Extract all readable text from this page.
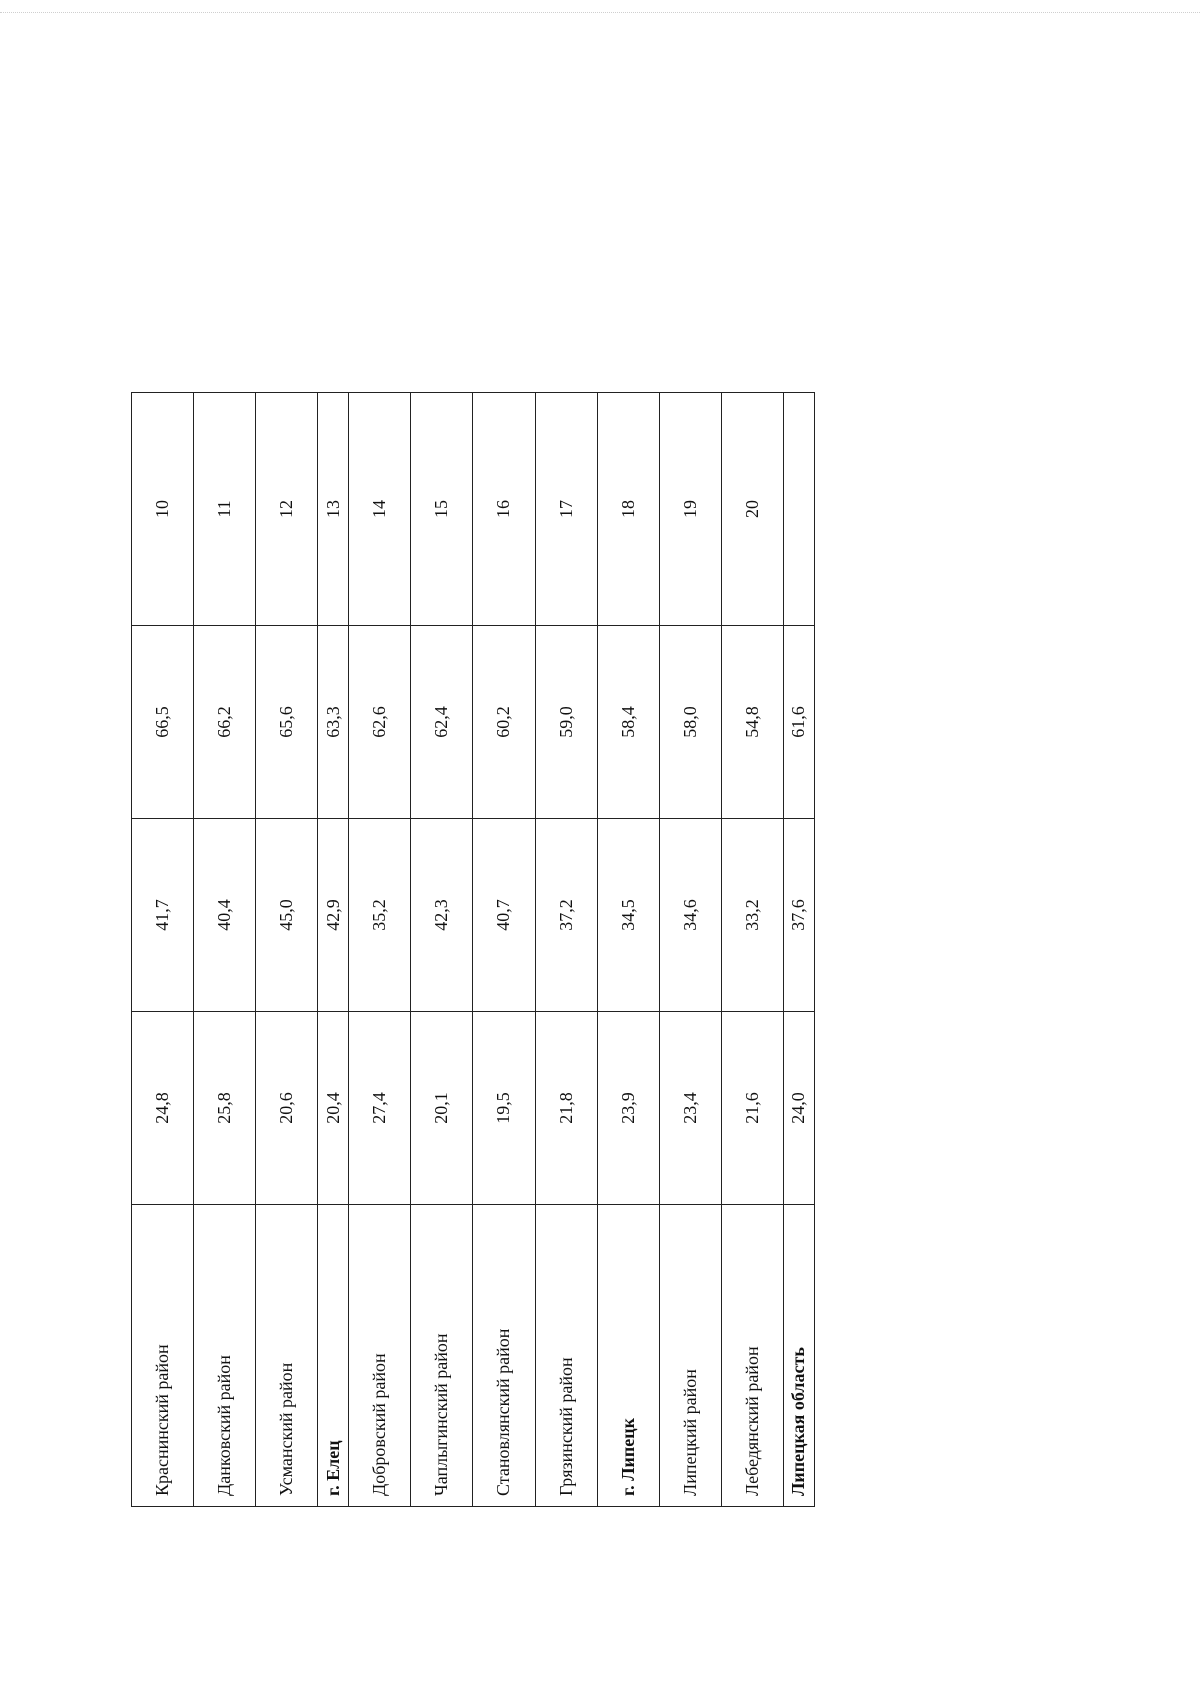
Краснинский район	24,8	41,7	66,5	10
Данковский район	25,8	40,4	66,2	11
Усманский район	20,6	45,0	65,6	12
г. Елец	20,4	42,9	63,3	13
Добровский район	27,4	35,2	62,6	14
Чаплыгинский район	20,1	42,3	62,4	15
Становлянский район	19,5	40,7	60,2	16
Грязинский район	21,8	37,2	59,0	17
г. Липецк	23,9	34,5	58,4	18
Липецкий район	23,4	34,6	58,0	19
Лебедянский район	21,6	33,2	54,8	20
Липецкая область	24,0	37,6	61,6	
